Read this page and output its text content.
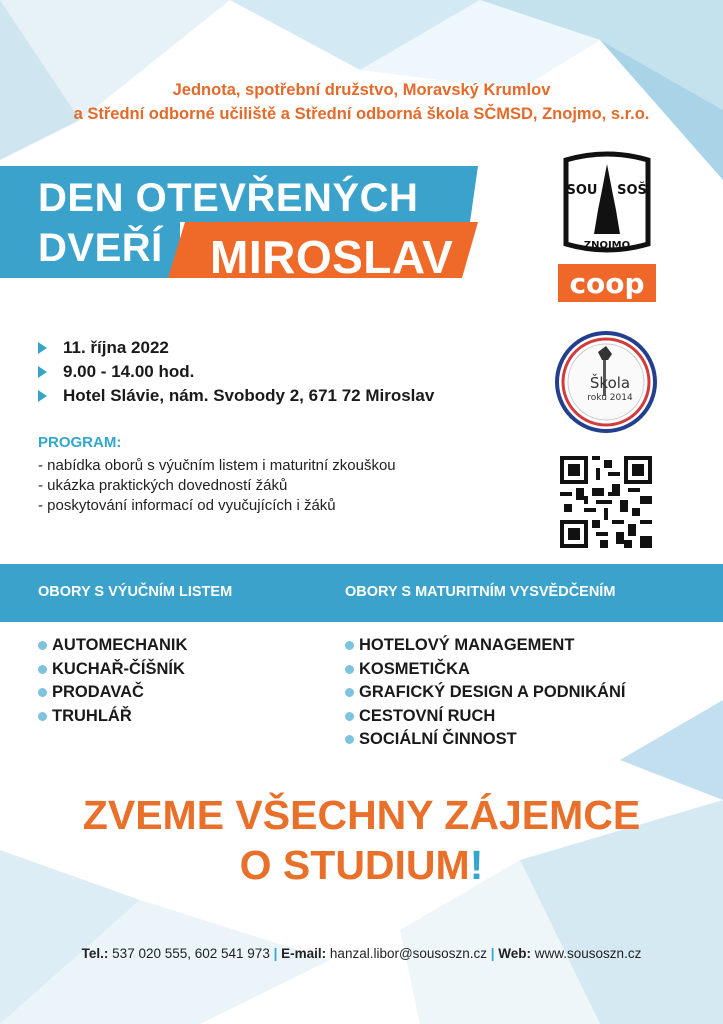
Jednota, spotřební družstvo, Moravský Krumlov
a Střední odborné učiliště a Střední odborná škola SČMSD, Znojmo, s.r.o.
DEN OTEVŘENÝCH
DVEŘÍ MIROSLAV
SOU SOŠ
ZNOJMO
coop
Škola
roku 2014
11. října 2022
9.00 - 14.00 hod.
Hotel Slávie, nám. Svobody 2, 671 72 Miroslav
PROGRAM:
- nabídka oborů s výučním listem i maturitní zkouškou
- ukázka praktických dovedností žáků
- poskytování informací od vyučujících i žáků
OBORY S VÝUČNÍM LISTEM	OBORY S MATURITNÍM VYSVĚDČENÍM
AUTOMECHANIK
KUCHAŘ-ČÍŠNÍK
PRODAVAČ
TRUHLÁŘ
HOTELOVÝ MANAGEMENT
KOSMETIČKA
GRAFICKÝ DESIGN A PODNIKÁNÍ
CESTOVNÍ RUCH
SOCIÁLNÍ ČINNOST
ZVEME VŠECHNY ZÁJEMCE
O STUDIUM!
Tel.: 537 020 555, 602 541 973 | E-mail: hanzal.libor@sousoszn.cz | Web: www.sousoszn.cz
